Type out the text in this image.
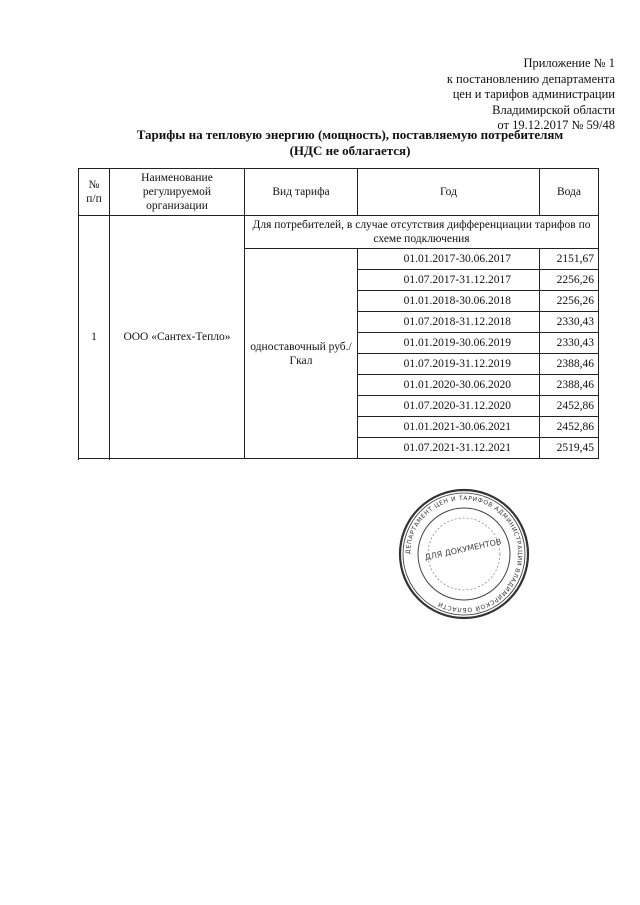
Приложение № 1
к постановлению департамента
цен и тарифов администрации
Владимирской области
от 19.12.2017 № 59/48
Тарифы на тепловую энергию (мощность), поставляемую потребителям
(НДС не облагается)
№ п/п	Наименование регулируемой организации	Вид тарифа	Год	Вода
1	ООО «Сантех-Тепло»	Для потребителей, в случае отсутствия дифференциации тарифов по схеме подключения		
		одноставочный руб./Гкал	01.01.2017-30.06.2017	2151,67
			01.07.2017-31.12.2017	2256,26
			01.01.2018-30.06.2018	2256,26
			01.07.2018-31.12.2018	2330,43
			01.01.2019-30.06.2019	2330,43
			01.07.2019-31.12.2019	2388,46
			01.01.2020-30.06.2020	2388,46
			01.07.2020-31.12.2020	2452,86
			01.01.2021-30.06.2021	2452,86
			01.07.2021-31.12.2021	2519,45

ДЕПАРТАМЕНТ ЦЕН И ТАРИФОВ АДМИНИСТРАЦИИ ВЛАДИМИРСКОЙ ОБЛАСТИ
ДЛЯ ДОКУМЕНТОВ
